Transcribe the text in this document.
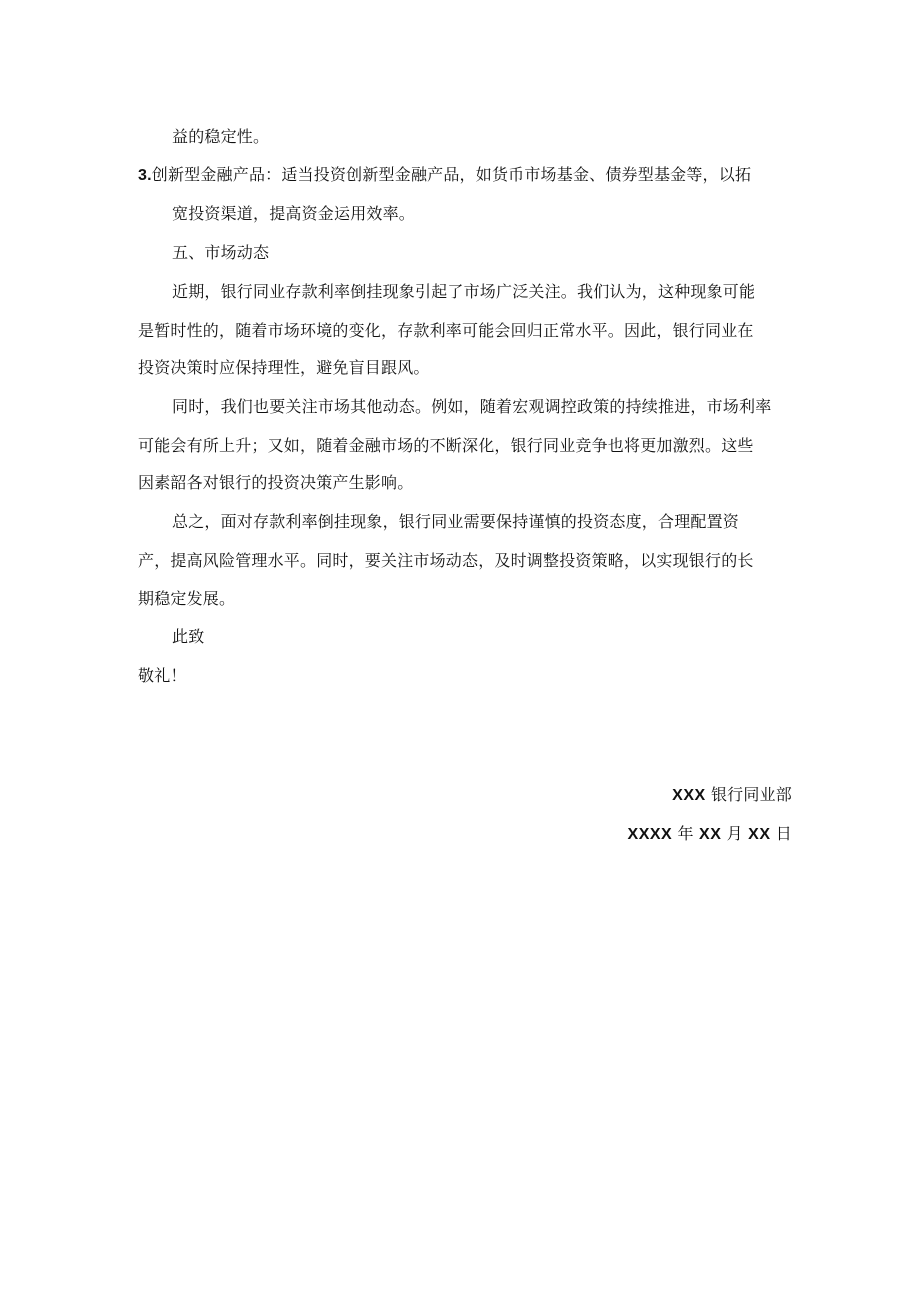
益的稳定性。
3.创新型金融产品：适当投资创新型金融产品，如货币市场基金、债券型基金等，以拓
宽投资渠道，提高资金运用效率。
五、市场动态
近期，银行同业存款利率倒挂现象引起了市场广泛关注。我们认为，这种现象可能
是暂时性的，随着市场环境的变化，存款利率可能会回归正常水平。因此，银行同业在
投资决策时应保持理性，避免盲目跟风。
同时，我们也要关注市场其他动态。例如，随着宏观调控政策的持续推进，市场利率
可能会有所上升；又如，随着金融市场的不断深化，银行同业竞争也将更加激烈。这些
因素韶各对银行的投资决策产生影响。
总之，面对存款利率倒挂现象，银行同业需要保持谨慎的投资态度，合理配置资
产，提高风险管理水平。同时，要关注市场动态，及时调整投资策略，以实现银行的长
期稳定发展。
此致
敬礼！
XXX 银行同业部
XXXX 年 XX 月 XX 日
